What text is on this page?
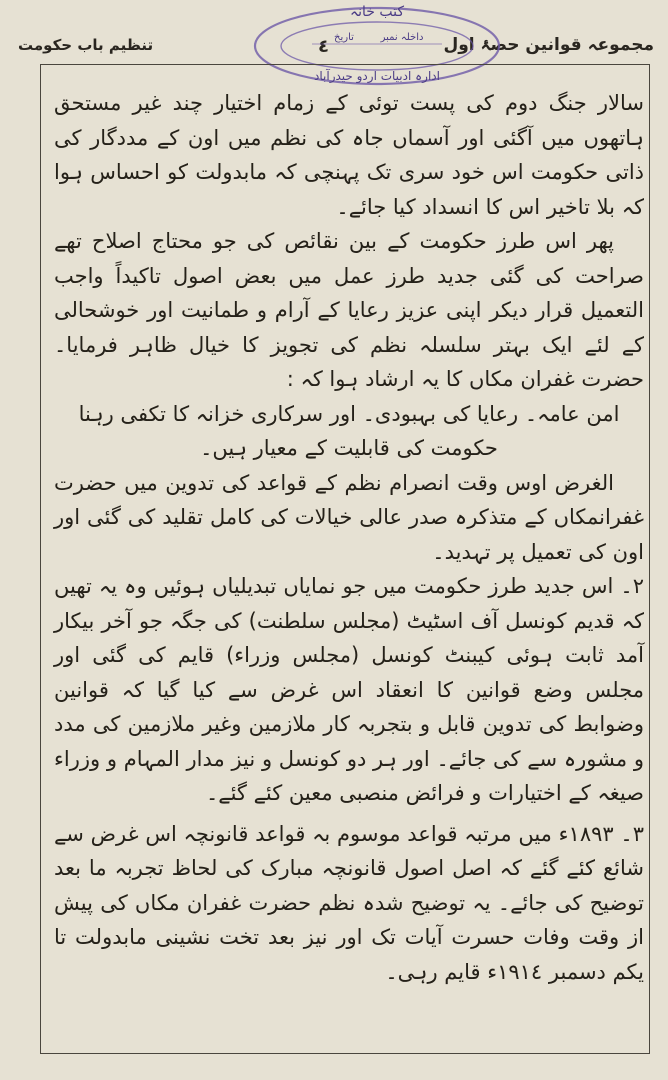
مجموعہ قوانین حصۂ اول
٤
تنظیم باب حکومت
کتب خانہ
داخلہ نمبر
تاریخ
ادارہ ادبیات اردو حیدرآباد

سالار جنگ دوم کی پست توئی کے زمام اختیار چند غیر مستحق ہاتھوں میں آگئی اور آسماں جاہ کی نظم میں اون کے مددگار کی ذاتی حکومت اس خود سری تک پہنچی کہ مابدولت کو احساس ہوا کہ بلا تاخیر اس کا انسداد کیا جائے۔

پھر اس طرز حکومت کے بین نقائص کی جو محتاج اصلاح تھے صراحت کی گئی جدید طرز عمل میں بعض اصول تاکیداً واجب التعمیل قرار دیکر اپنی عزیز رعایا کے آرام و طمانیت اور خوشحالی کے لئے ایک بہتر سلسلہ نظم کی تجویز کا خیال ظاہر فرمایا۔ حضرت غفران مکاں کا یہ ارشاد ہوا کہ :

امن عامہ۔ رعایا کی بہبودی۔ اور سرکاری خزانہ کا تکفی رہنا حکومت کی قابلیت کے معیار ہیں۔

الغرض اوس وقت انصرام نظم کے قواعد کی تدوین میں حضرت غفرانمکاں کے متذکرہ صدر عالی خیالات کی کامل تقلید کی گئی اور اون کی تعمیل پر تہدید۔

٢۔ اس جدید طرز حکومت میں جو نمایاں تبدیلیاں ہوئیں وہ یہ تھیں کہ قدیم کونسل آف اسٹیٹ (مجلس سلطنت) کی جگہ جو آخر بیکار آمد ثابت ہوئی کیبنٹ کونسل (مجلس وزراء) قایم کی گئی اور مجلس وضع قوانین کا انعقاد اس غرض سے کیا گیا کہ قوانین وضوابط کی تدوین قابل و بتجربہ کار ملازمین وغیر ملازمین کی مدد و مشورہ سے کی جائے۔ اور ہر دو کونسل و نیز مدار المہام و وزراء صیغہ کے اختیارات و فرائض منصبی معین کئے گئے۔

٣۔ ١٨٩٣ء میں مرتبہ قواعد موسوم بہ قواعد قانونچہ اس غرض سے شائع کئے گئے کہ اصل اصول قانونچہ مبارک کی لحاظ تجربہ ما بعد توضیح کی جائے۔ یہ توضیح شدہ نظم حضرت غفران مکاں کی پیش از وقت وفات حسرت آیات تک اور نیز بعد تخت نشینی مابدولت تا یکم دسمبر ١٩١٤ء قایم رہی۔
